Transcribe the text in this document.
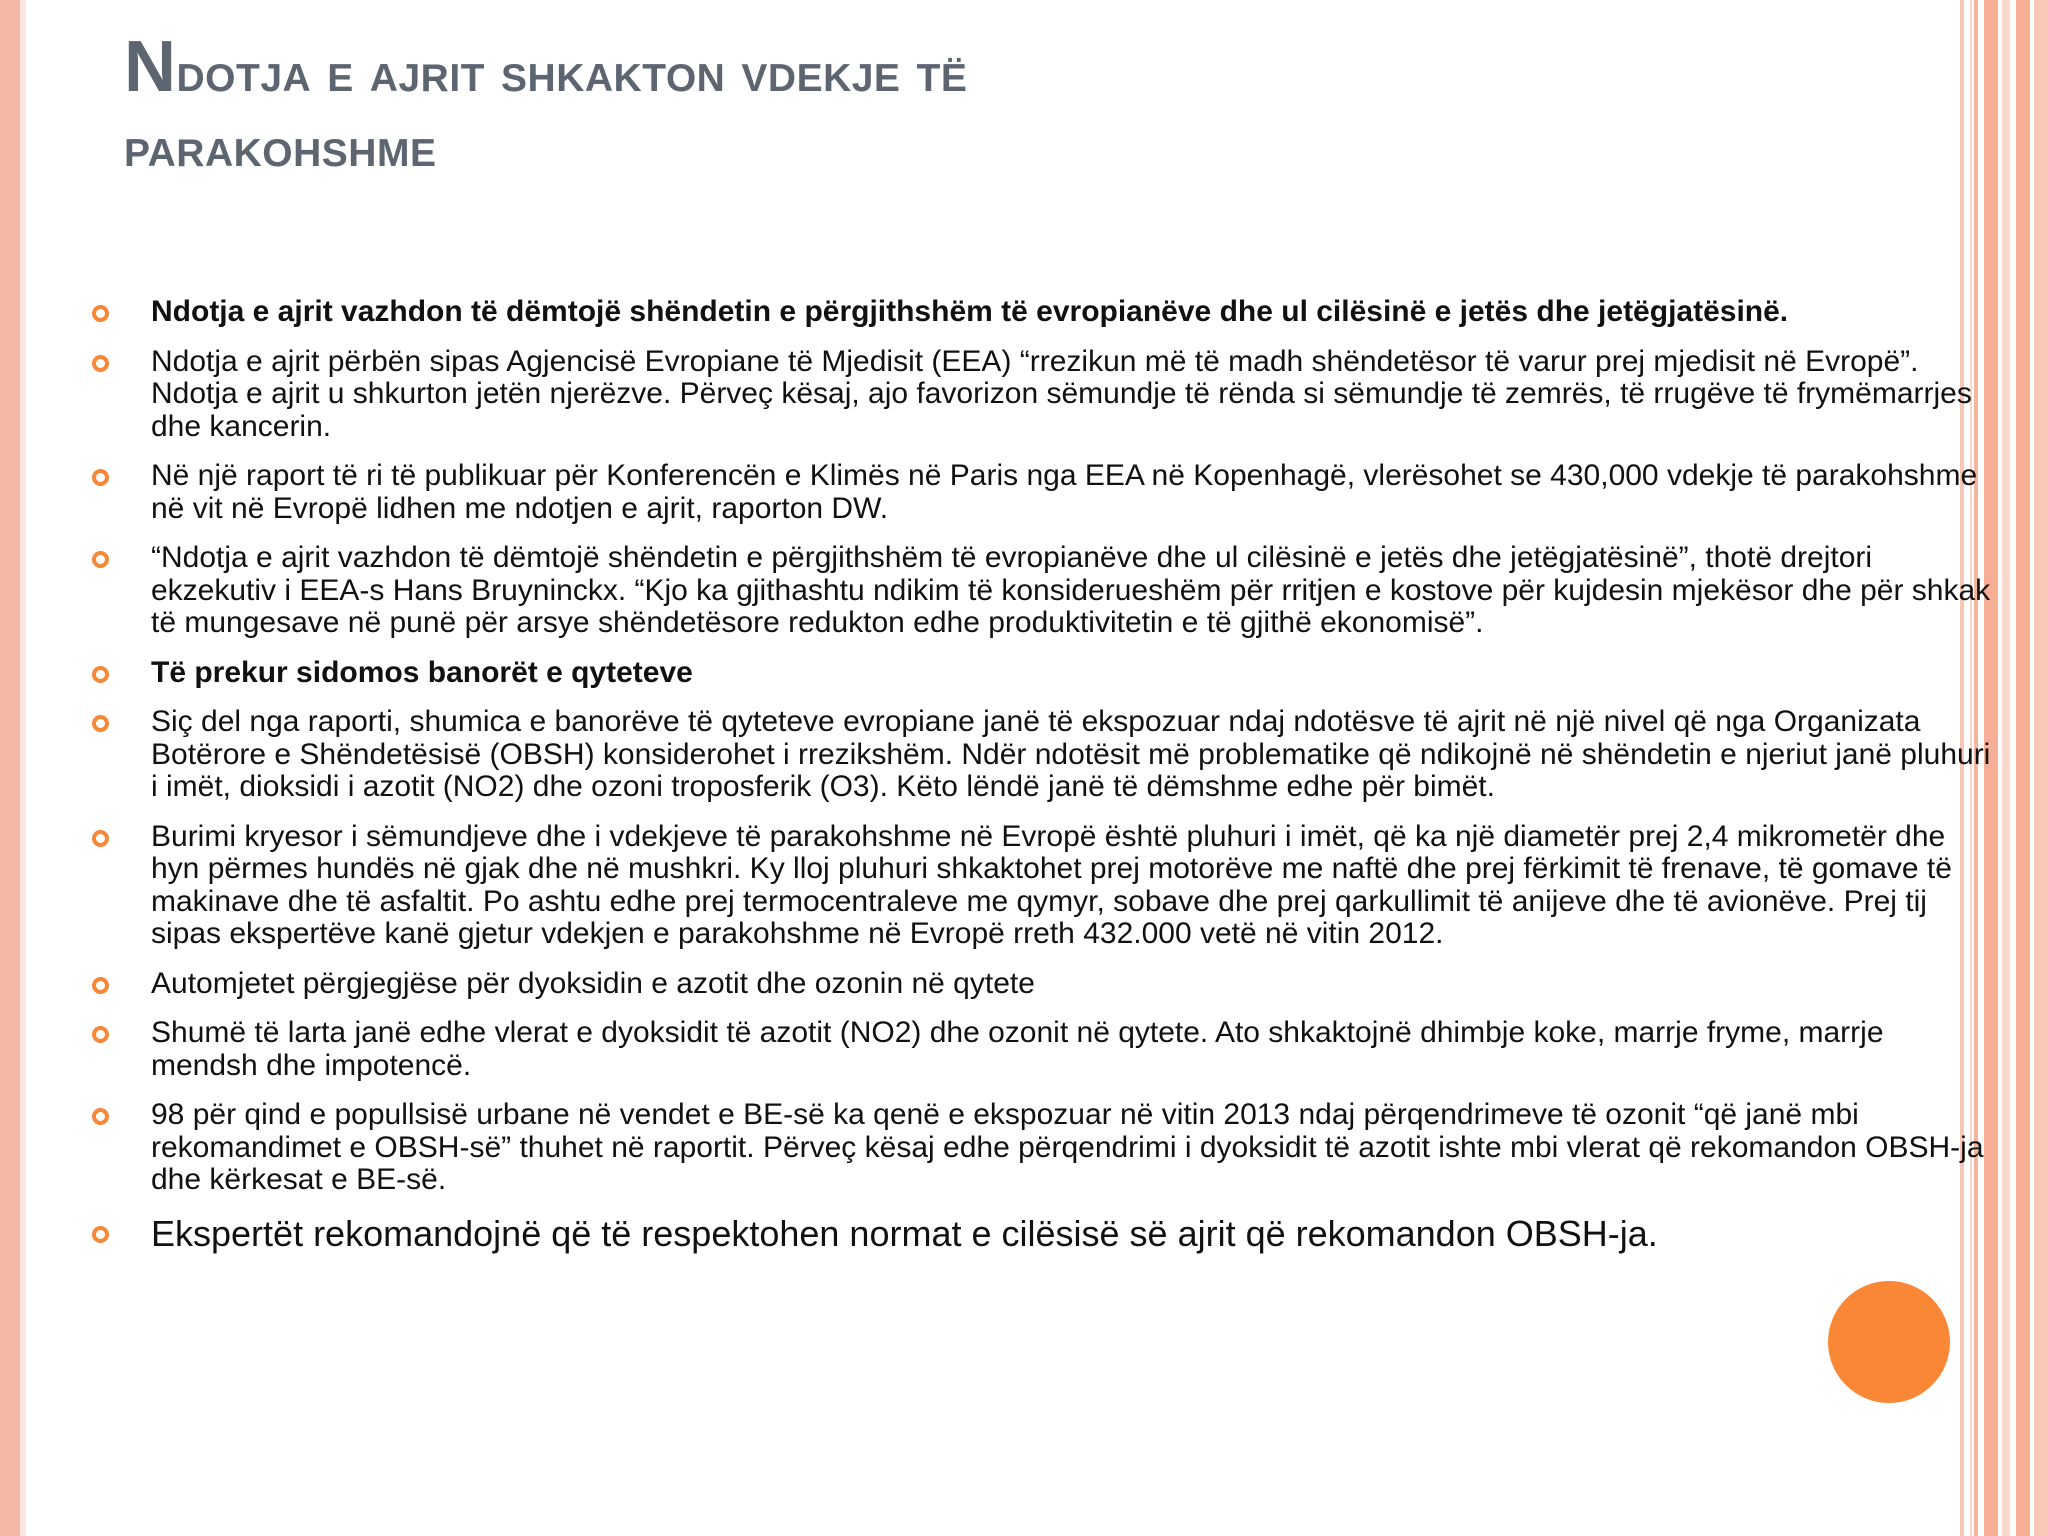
Ndotja e ajrit shkakton vdekje të
parakohshme
Ndotja e ajrit vazhdon të dëmtojë shëndetin e përgjithshëm të evropianëve dhe ul cilësinë e jetës dhe jetëgjatësinë.
Ndotja e ajrit përbën sipas Agjencisë Evropiane të Mjedisit (EEA) “rrezikun më të madh shëndetësor të varur prej mjedisit në Evropë”. Ndotja e ajrit u shkurton jetën njerëzve. Përveç kësaj, ajo favorizon sëmundje të rënda si sëmundje të zemrës, të rrugëve të frymëmarrjes dhe kancerin.
Në një raport të ri të publikuar për Konferencën e Klimës në Paris nga EEA në Kopenhagë, vlerësohet se 430,000 vdekje të parakohshme në vit në Evropë lidhen me ndotjen e ajrit, raporton DW.
“Ndotja e ajrit vazhdon të dëmtojë shëndetin e përgjithshëm të evropianëve dhe ul cilësinë e jetës dhe jetëgjatësinë”, thotë drejtori ekzekutiv i EEA-s Hans Bruyninckx. “Kjo ka gjithashtu ndikim të konsiderueshëm për rritjen e kostove për kujdesin mjekësor dhe për shkak të mungesave në punë për arsye shëndetësore redukton edhe produktivitetin e të gjithë ekonomisë”.
Të prekur sidomos banorët e qyteteve
Siç del nga raporti, shumica e banorëve të qyteteve evropiane janë të ekspozuar ndaj ndotësve të ajrit në një nivel që nga Organizata Botërore e Shëndetësisë (OBSH) konsiderohet i rrezikshëm. Ndër ndotësit më problematike që ndikojnë në shëndetin e njeriut janë pluhuri i imët, dioksidi i azotit (NO2) dhe ozoni troposferik (O3). Këto lëndë janë të dëmshme edhe për bimët.
Burimi kryesor i sëmundjeve dhe i vdekjeve të parakohshme në Evropë është pluhuri i imët, që ka një diametër prej 2,4 mikrometër dhe hyn përmes hundës në gjak dhe në mushkri. Ky lloj pluhuri shkaktohet prej motorëve me naftë dhe prej fërkimit të frenave, të gomave të makinave dhe të asfaltit. Po ashtu edhe prej termocentraleve me qymyr, sobave dhe prej qarkullimit të anijeve dhe të avionëve. Prej tij sipas ekspertëve kanë gjetur vdekjen e parakohshme në Evropë rreth 432.000 vetë në vitin 2012.
Automjetet përgjegjëse për dyoksidin e azotit dhe ozonin në qytete
Shumë të larta janë edhe vlerat e dyoksidit të azotit (NO2) dhe ozonit në qytete. Ato shkaktojnë dhimbje koke, marrje fryme, marrje mendsh dhe impotencë.
98 për qind e popullsisë urbane në vendet e BE-së ka qenë e ekspozuar në vitin 2013 ndaj përqendrimeve të ozonit “që janë mbi rekomandimet e OBSH-së” thuhet në raportit. Përveç kësaj edhe përqendrimi i dyoksidit të azotit ishte mbi vlerat që rekomandon OBSH-ja dhe kërkesat e BE-së.
Ekspertët rekomandojnë që të respektohen normat e cilësisë së ajrit që rekomandon OBSH-ja.
